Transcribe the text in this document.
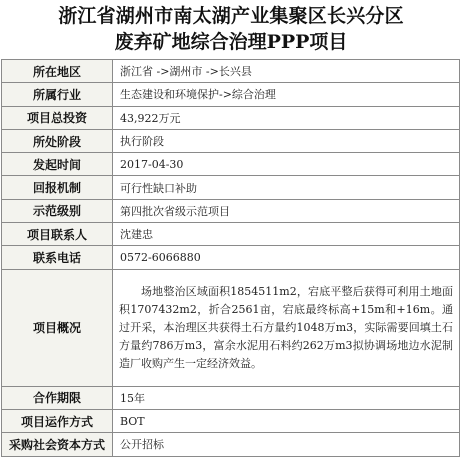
浙江省湖州市南太湖产业集聚区长兴分区
废弃矿地综合治理PPP项目
所在地区	浙江省 ->湖州市 ->长兴县
所属行业	生态建设和环境保护->综合治理
项目总投资	43,922万元
所处阶段	执行阶段
发起时间	2017-04-30
回报机制	可行性缺口补助
示范级别	第四批次省级示范项目
项目联系人	沈建忠
联系电话	0572-6066880
项目概况	场地整治区域面积1854511m2，宕底平整后获得可利用土地面积1707432m2，折合2561亩，宕底最终标高+15m和+16m。通过开采，本治理区共获得土石方量约1048万m3，实际需要回填土石方量约786万m3，富余水泥用石料约262万m3拟协调场地边水泥制造厂收购产生一定经济效益。
合作期限	15年
项目运作方式	BOT
采购社会资本方式	公开招标
